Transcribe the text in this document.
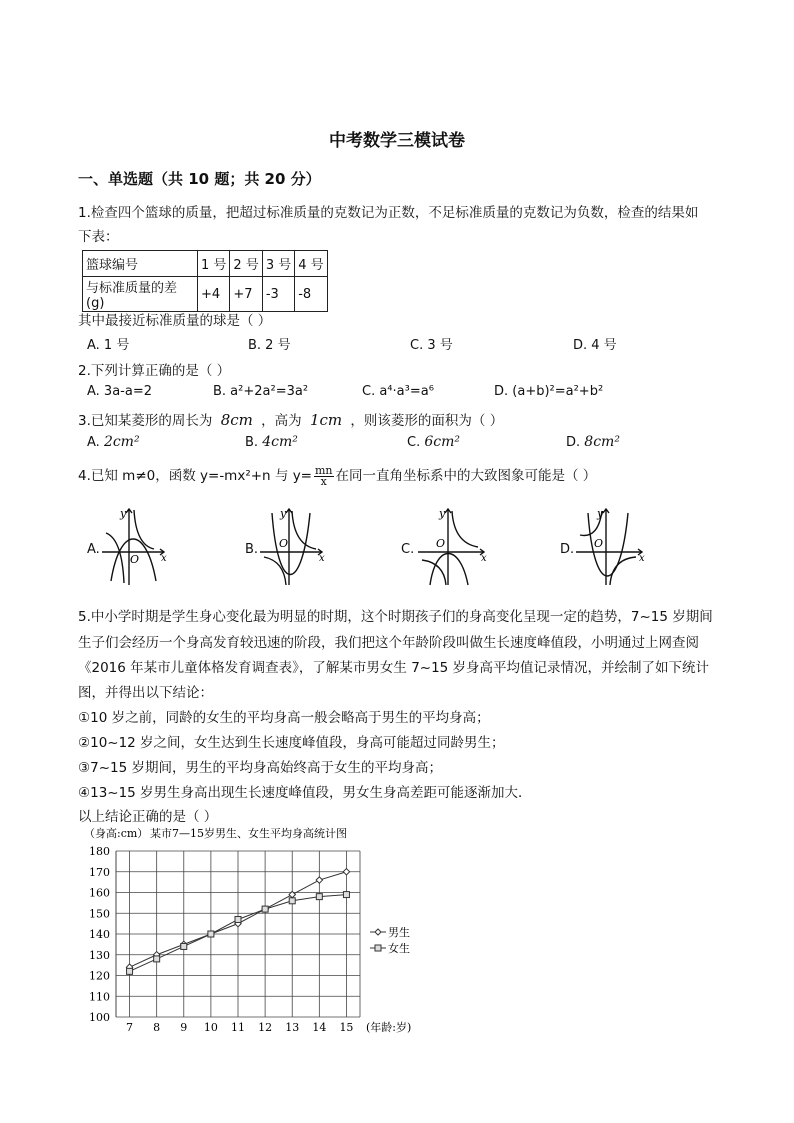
中考数学三模试卷
一、单选题（共 10 题；共 20 分）
1.检查四个篮球的质量，把超过标准质量的克数记为正数，不足标准质量的克数记为负数，检查的结果如
下表：
篮球编号	1 号	2 号	3 号	4 号
与标准质量的差(g)	+4	+7	-3	-8
其中最接近标准质量的球是（ ）
A. 1 号	B. 2 号	C. 3 号	D. 4 号
2.下列计算正确的是（ ）
A. 3a-a=2	B. a²+2a²=3a²	C. a⁴·a³=a⁶	D. (a+b)²=a²+b²
3.已知某菱形的周长为 8cm ，高为 1cm ，则该菱形的面积为（ ）
A. 2cm²	B. 4cm²	C. 6cm²	D. 8cm²
4.已知 m≠0，函数 y=-mx²+n 与 $y= \frac{mn}{x}$ 在同一直角坐标系中的大致图象可能是（ ）
A.
y
x
O
B.
y
x
O	C.
y
x
O	D.
y
x
O
5.中小学时期是学生身心变化最为明显的时期，这个时期孩子们的身高变化呈现一定的趋势，7~15 岁期间
生子们会经历一个身高发育较迅速的阶段，我们把这个年龄阶段叫做生长速度峰值段，小明通过上网查阅
《2016 年某市儿童体格发育调查表》，了解某市男女生 7~15 岁身高平均值记录情况，并绘制了如下统计
图，并得出以下结论：
①10 岁之前，同龄的女生的平均身高一般会略高于男生的平均身高；
②10~12 岁之间，女生达到生长速度峰值段，身高可能超过同龄男生；
③7~15 岁期间，男生的平均身高始终高于女生的平均身高；
④13~15 岁男生身高出现生长速度峰值段，男女生身高差距可能逐渐加大．
以上结论正确的是（ ）
（身高:cm） 某市7—15岁男生、女生平均身高统计图
100
110
120
130
140
150
160
170
180
7 8 9 10 11 12 13 14 15 (年龄:岁)
男生
女生
